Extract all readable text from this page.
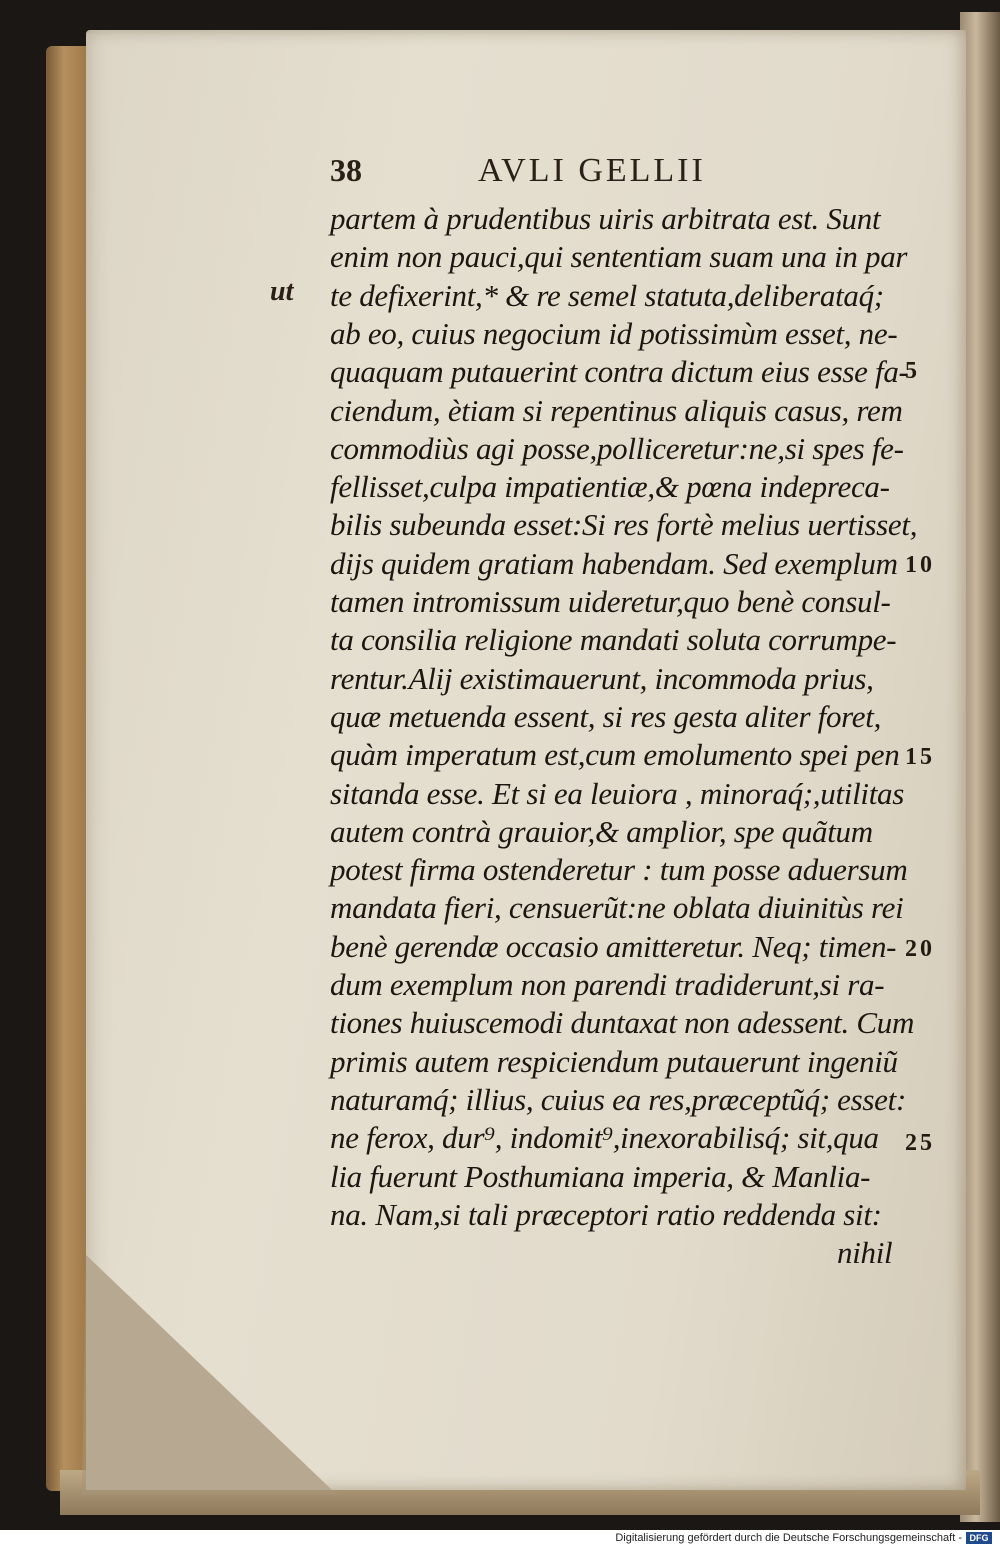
38	AVLI GELLII
ut
partem à prudentibus uiris arbitrata est. Sunt
enim non pauci,qui sententiam suam una in par
te defixerint,* & re semel statuta,deliberataq́;
ab eo, cuius negocium id potissimùm esset, ne-
quaquam putauerint contra dictum eius esse fa-
ciendum, ètiam si repentinus aliquis casus, rem
commodiùs agi posse,polliceretur:ne,si spes fe-
fellisset,culpa impatientiæ,& pœna indepreca-
bilis subeunda esset:Si res fortè melius uertisset,
dijs quidem gratiam habendam. Sed exemplum
tamen intromissum uideretur,quo benè consul-
ta consilia religione mandati soluta corrumpe-
rentur.Alij existimauerunt, incommoda prius,
quæ metuenda essent, si res gesta aliter foret,
quàm imperatum est,cum emolumento spei pen
sitanda esse. Et si ea leuiora , minoraq́;,utilitas
autem contrà grauior,& amplior, spe quãtum
potest firma ostenderetur : tum posse aduersum
mandata fieri, censuerũt:ne oblata diuinitùs rei
benè gerendæ occasio amitteretur. Neq; timen-
dum exemplum non parendi tradiderunt,si ra-
tiones huiuscemodi duntaxat non adessent. Cum
primis autem respiciendum putauerunt ingeniũ
naturamq́; illius, cuius ea res,præceptũq́; esset:
ne ferox, dur⁹, indomit⁹,inexorabilisq́; sit,qua
lia fuerunt Posthumiana imperia, & Manlia-
na. Nam,si tali præceptori ratio reddenda sit:
nihil
5
10
15
20
25
Digitalisierung gefördert durch die Deutsche Forschungsgemeinschaft - DFG
